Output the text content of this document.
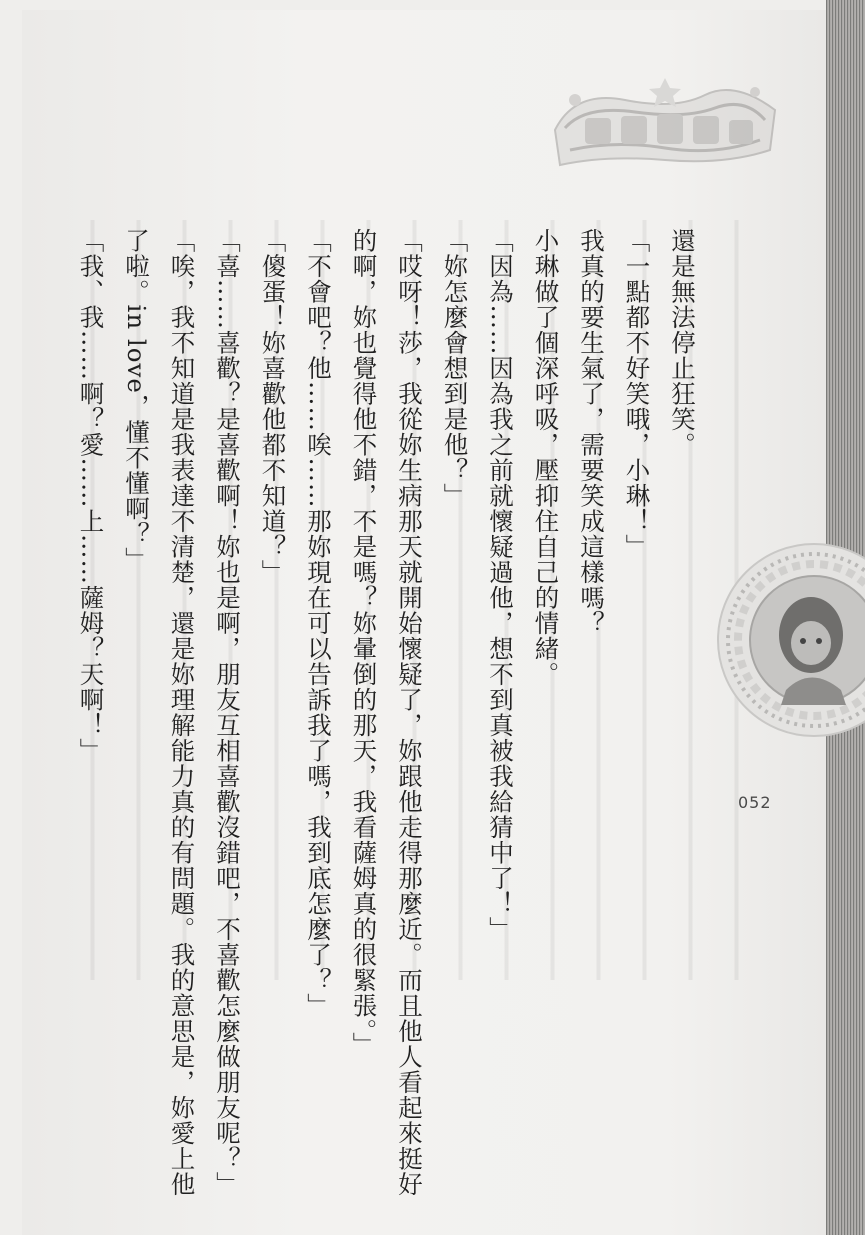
052

還是無法停止狂笑。

「一點都不好笑哦，小琳！」

我真的要生氣了，需要笑成這樣嗎？

小琳做了個深呼吸，壓抑住自己的情緒。

「因為……因為我之前就懷疑過他，想不到真被我給猜中了！」

「妳怎麼會想到是他？」

「哎呀！莎，我從妳生病那天就開始懷疑了，妳跟他走得那麼近。而且他人看起來挺好的啊，妳也覺得他不錯，不是嗎？妳暈倒的那天，我看薩姆真的很緊張。」

「不會吧？他……唉……那妳現在可以告訴我了嗎，我到底怎麼了？」

「傻蛋！妳喜歡他都不知道？」

「喜……喜歡？是喜歡啊！妳也是啊，朋友互相喜歡沒錯吧，不喜歡怎麼做朋友呢？」

「唉，我不知道是我表達不清楚，還是妳理解能力真的有問題。我的意思是，妳愛上他了啦。in love，懂不懂啊？」

「我、我……啊？愛……上……薩姆？天啊！」
